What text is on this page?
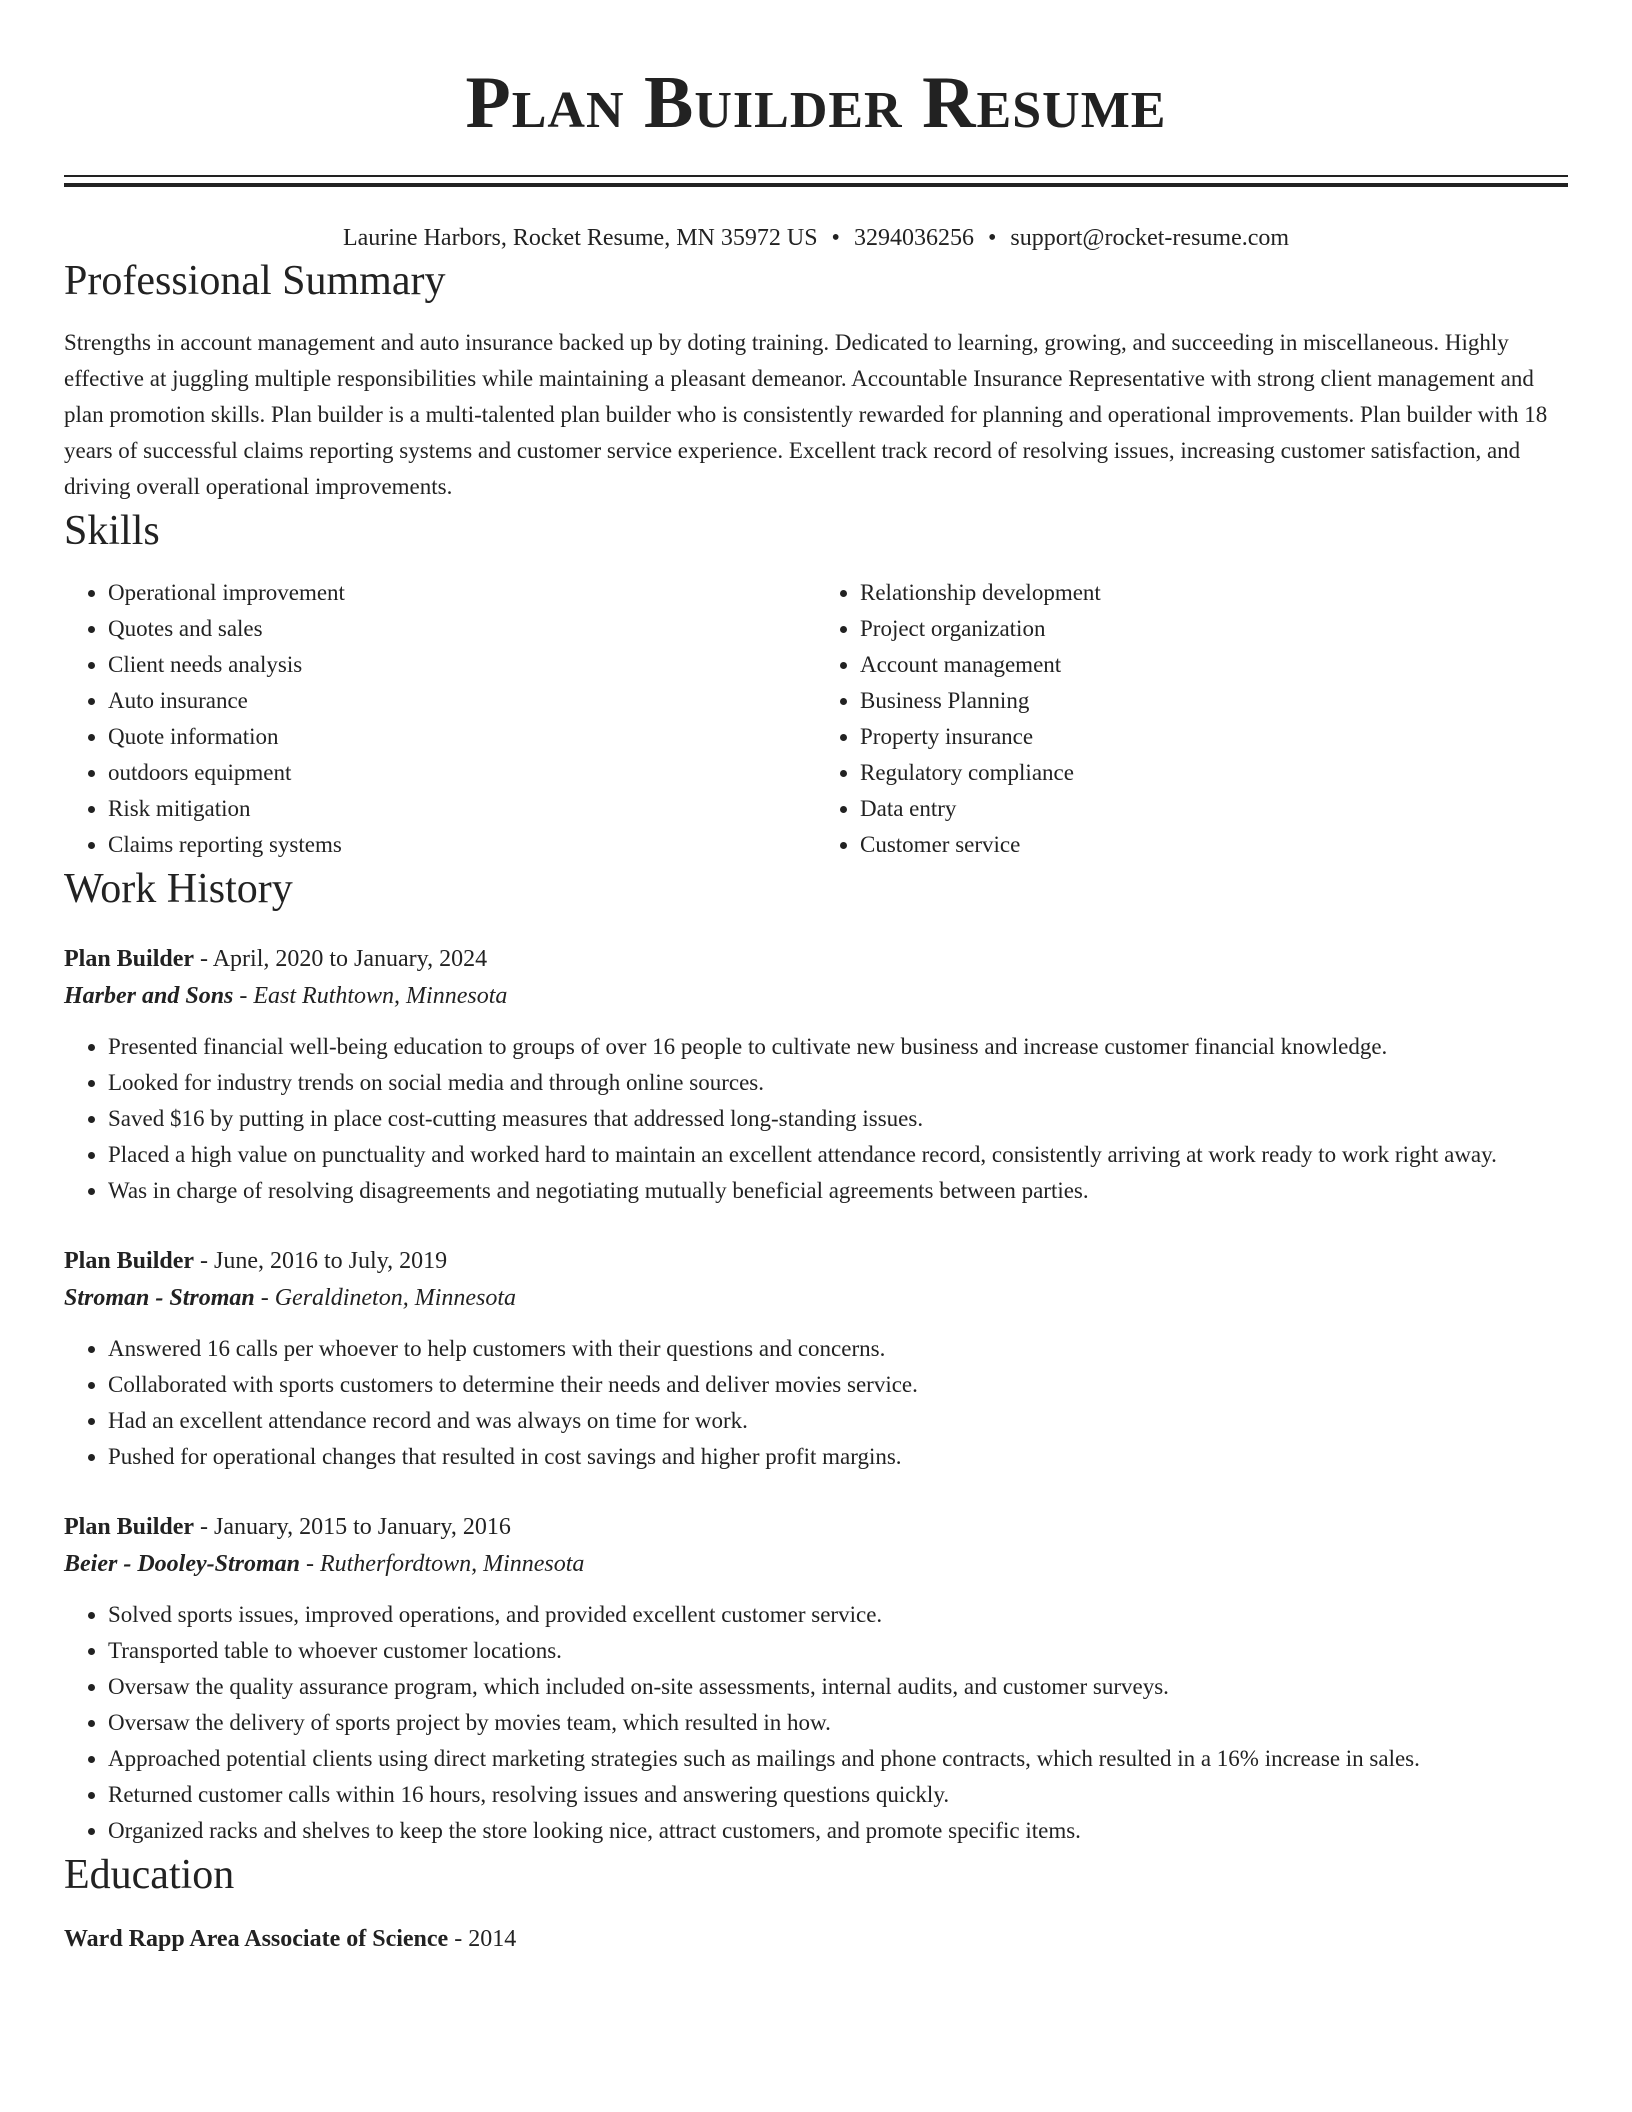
Plan Builder Resume
Laurine Harbors, Rocket Resume, MN 35972 US • 3294036256 • support@rocket-resume.com
Professional Summary

Strengths in account management and auto insurance backed up by doting training. Dedicated to learning, growing, and succeeding in miscellaneous. Highly effective at juggling multiple responsibilities while maintaining a pleasant demeanor. Accountable Insurance Representative with strong client management and plan promotion skills. Plan builder is a multi-talented plan builder who is consistently rewarded for planning and operational improvements. Plan builder with 18 years of successful claims reporting systems and customer service experience. Excellent track record of resolving issues, increasing customer satisfaction, and driving overall operational improvements.

Skills
• Operational improvement
• Quotes and sales
• Client needs analysis
• Auto insurance
• Quote information
• outdoors equipment
• Risk mitigation
• Claims reporting systems
• Relationship development
• Project organization
• Account management
• Business Planning
• Property insurance
• Regulatory compliance
• Data entry
• Customer service
Work History
Plan Builder - April, 2020 to January, 2024
Harber and Sons - East Ruthtown, Minnesota
• Presented financial well-being education to groups of over 16 people to cultivate new business and increase customer financial knowledge.
• Looked for industry trends on social media and through online sources.
• Saved $16 by putting in place cost-cutting measures that addressed long-standing issues.
• Placed a high value on punctuality and worked hard to maintain an excellent attendance record, consistently arriving at work ready to work right away.
• Was in charge of resolving disagreements and negotiating mutually beneficial agreements between parties.
Plan Builder - June, 2016 to July, 2019
Stroman - Stroman - Geraldineton, Minnesota
• Answered 16 calls per whoever to help customers with their questions and concerns.
• Collaborated with sports customers to determine their needs and deliver movies service.
• Had an excellent attendance record and was always on time for work.
• Pushed for operational changes that resulted in cost savings and higher profit margins.
Plan Builder - January, 2015 to January, 2016
Beier - Dooley-Stroman - Rutherfordtown, Minnesota
• Solved sports issues, improved operations, and provided excellent customer service.
• Transported table to whoever customer locations.
• Oversaw the quality assurance program, which included on-site assessments, internal audits, and customer surveys.
• Oversaw the delivery of sports project by movies team, which resulted in how.
• Approached potential clients using direct marketing strategies such as mailings and phone contracts, which resulted in a 16% increase in sales.
• Returned customer calls within 16 hours, resolving issues and answering questions quickly.
• Organized racks and shelves to keep the store looking nice, attract customers, and promote specific items.
Education
Ward Rapp Area Associate of Science - 2014
